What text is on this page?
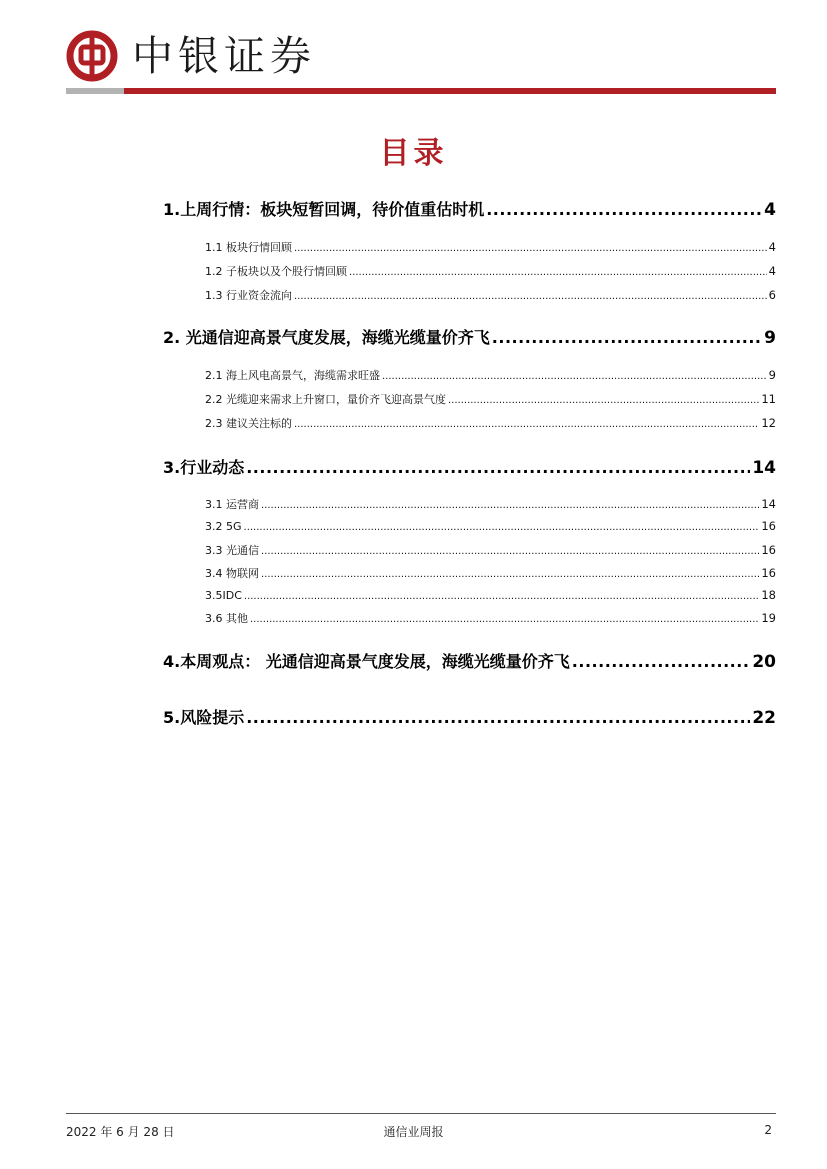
中银证券
目录
1.上周行情：板块短暂回调，待价值重估时机 .....	4
1.1 板块行情回顾 .....	4
1.2 子板块以及个股行情回顾 .....	4
1.3 行业资金流向 .....	6
2. 光通信迎高景气度发展，海缆光缆量价齐飞 .....	9
2.1 海上风电高景气，海缆需求旺盛 .....	9
2.2 光缆迎来需求上升窗口，量价齐飞迎高景气度 .....	11
2.3 建议关注标的 .....	12
3.行业动态 .....	14
3.1 运营商 .....	14
3.2 5G .....	16
3.3 光通信 .....	16
3.4 物联网 .....	16
3.5IDC .....	18
3.6 其他 .....	19
4.本周观点： 光通信迎高景气度发展，海缆光缆量价齐飞 .....	20
5.风险提示 .....	22
2022 年 6 月 28 日	通信业周报	2
